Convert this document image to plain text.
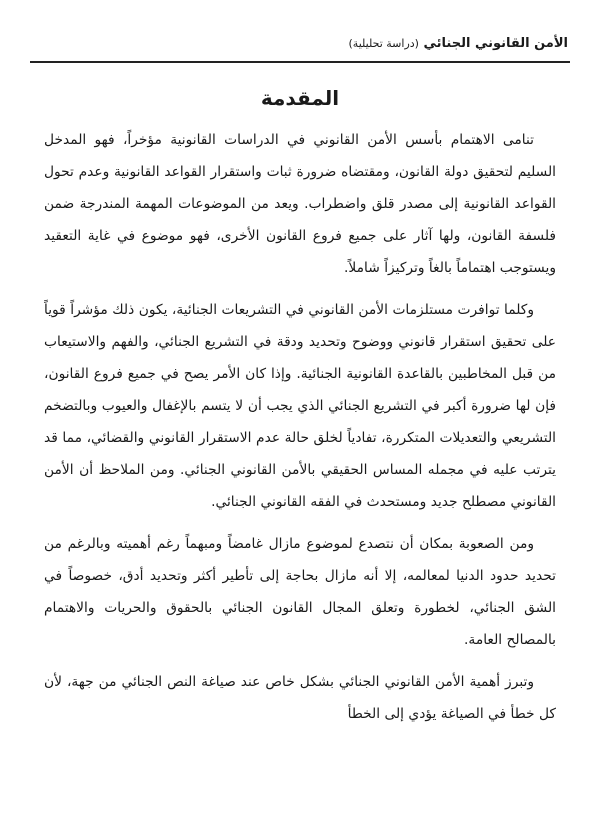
الأمن القانوني الجنائي (دراسة تحليلية)
المقدمة

تنامى الاهتمام بأسس الأمن القانوني في الدراسات القانونية مؤخراً، فهو المدخل السليم لتحقيق دولة القانون، ومقتضاه ضرورة ثبات واستقرار القواعد القانونية وعدم تحول القواعد القانونية إلى مصدر قلق واضطراب. ويعد من الموضوعات المهمة المندرجة ضمن فلسفة القانون، ولها آثار على جميع فروع القانون الأخرى، فهو موضوع في غاية التعقيد ويستوجب اهتماماً بالغاً وتركيزاً شاملاً.

وكلما توافرت مستلزمات الأمن القانوني في التشريعات الجنائية، يكون ذلك مؤشراً قوياً على تحقيق استقرار قانوني ووضوح وتحديد ودقة في التشريع الجنائي، والفهم والاستيعاب من قبل المخاطبين بالقاعدة القانونية الجنائية. وإذا كان الأمر يصح في جميع فروع القانون، فإن لها ضرورة أكبر في التشريع الجنائي الذي يجب أن لا يتسم بالإغفال والعيوب وبالتضخم التشريعي والتعديلات المتكررة، تفادياً لخلق حالة عدم الاستقرار القانوني والقضائي، مما قد يترتب عليه في مجمله المساس الحقيقي بالأمن القانوني الجنائي. ومن الملاحظ أن الأمن القانوني مصطلح جديد ومستحدث في الفقه القانوني الجنائي.

ومن الصعوبة بمكان أن نتصدع لموضوع مازال غامضاً ومبهماً رغم أهميته وبالرغم من تحديد حدود الدنيا لمعالمه، إلا أنه مازال بحاجة إلى تأطير أكثر وتحديد أدق، خصوصاً في الشق الجنائي، لخطورة وتعلق المجال القانون الجنائي بالحقوق والحريات والاهتمام بالمصالح العامة.

وتبرز أهمية الأمن القانوني الجنائي بشكل خاص عند صياغة النص الجنائي من جهة، لأن كل خطأ في الصياغة يؤدي إلى الخطأ
